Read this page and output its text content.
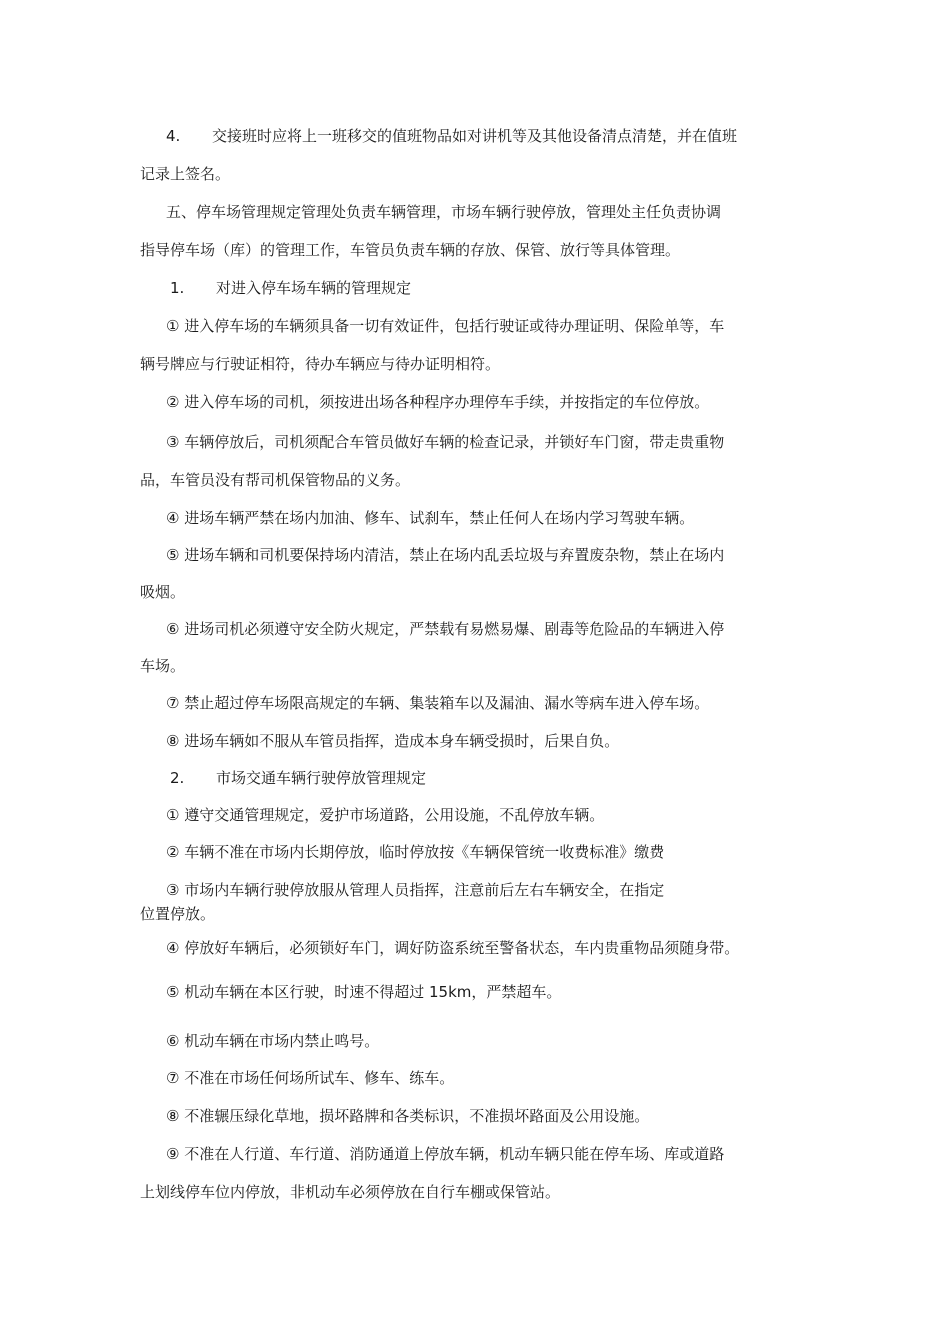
4. 交接班时应将上一班移交的值班物品如对讲机等及其他设备清点清楚，并在值班
记录上签名。
五、停车场管理规定管理处负责车辆管理，市场车辆行驶停放，管理处主任负责协调
指导停车场（库）的管理工作，车管员负责车辆的存放、保管、放行等具体管理。
1. 对进入停车场车辆的管理规定
① 进入停车场的车辆须具备一切有效证件，包括行驶证或待办理证明、保险单等，车
辆号牌应与行驶证相符，待办车辆应与待办证明相符。
② 进入停车场的司机，须按进出场各种程序办理停车手续，并按指定的车位停放。
③ 车辆停放后，司机须配合车管员做好车辆的检查记录，并锁好车门窗，带走贵重物
品，车管员没有帮司机保管物品的义务。
④ 进场车辆严禁在场内加油、修车、试刹车，禁止任何人在场内学习驾驶车辆。
⑤ 进场车辆和司机要保持场内清洁，禁止在场内乱丢垃圾与弃置废杂物，禁止在场内
吸烟。
⑥ 进场司机必须遵守安全防火规定，严禁载有易燃易爆、剧毒等危险品的车辆进入停
车场。
⑦ 禁止超过停车场限高规定的车辆、集装箱车以及漏油、漏水等病车进入停车场。
⑧ 进场车辆如不服从车管员指挥，造成本身车辆受损时，后果自负。
2. 市场交通车辆行驶停放管理规定
① 遵守交通管理规定，爱护市场道路，公用设施，不乱停放车辆。
② 车辆不准在市场内长期停放，临时停放按《车辆保管统一收费标准》缴费
③ 市场内车辆行驶停放服从管理人员指挥，注意前后左右车辆安全，在指定
位置停放。
④ 停放好车辆后，必须锁好车门，调好防盗系统至警备状态，车内贵重物品须随身带。
⑤ 机动车辆在本区行驶，时速不得超过 15km，严禁超车。
⑥ 机动车辆在市场内禁止鸣号。
⑦ 不准在市场任何场所试车、修车、练车。
⑧ 不准辗压绿化草地，损坏路牌和各类标识，不准损坏路面及公用设施。
⑨ 不准在人行道、车行道、消防通道上停放车辆，机动车辆只能在停车场、库或道路
上划线停车位内停放，非机动车必须停放在自行车棚或保管站。
